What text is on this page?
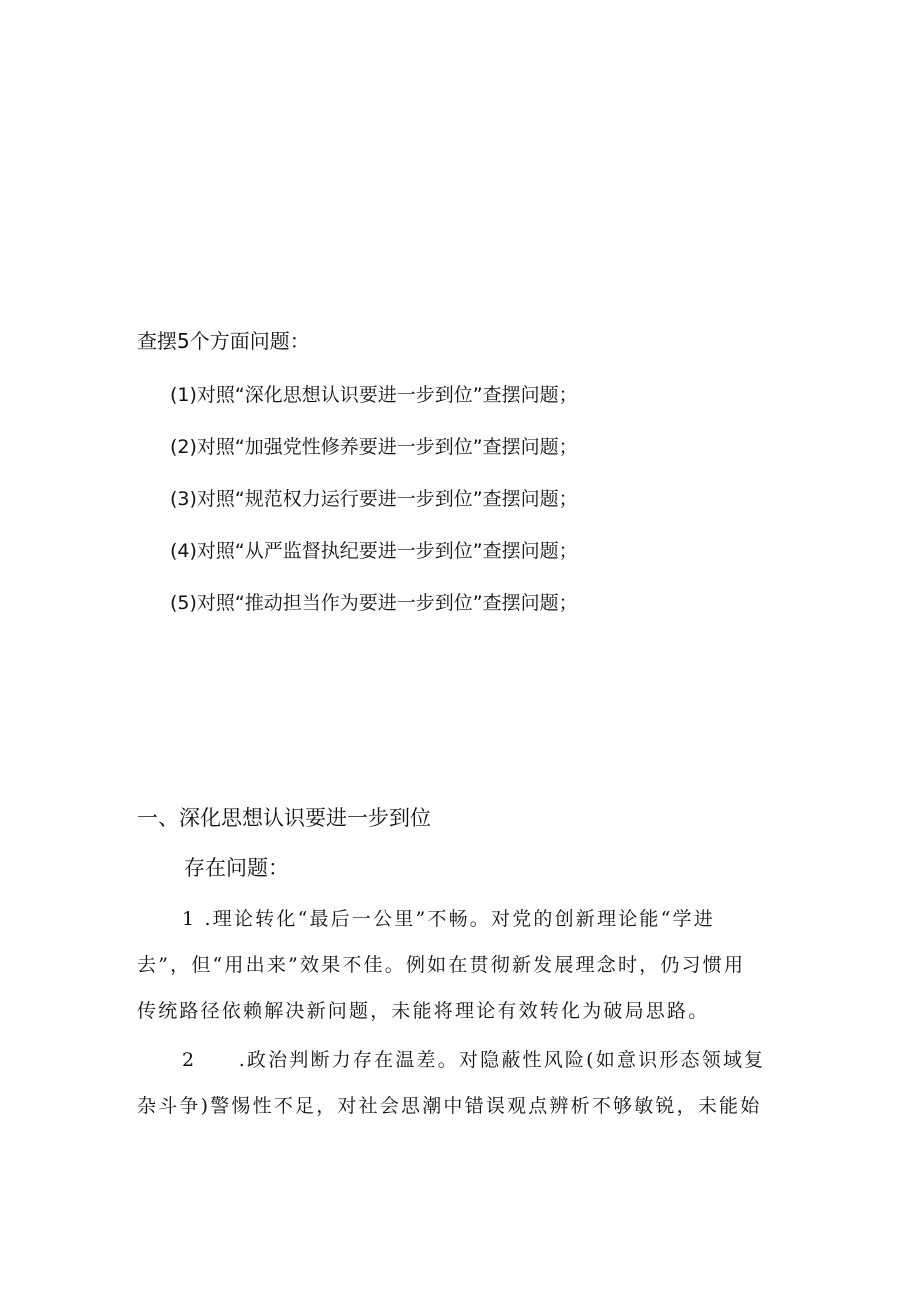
查摆5个方面问题：
(1)对照“深化思想认识要进一步到位”查摆问题；
(2)对照“加强党性修养要进一步到位”查摆问题；
(3)对照“规范权力运行要进一步到位”查摆问题；
(4)对照“从严监督执纪要进一步到位”查摆问题；
(5)对照“推动担当作为要进一步到位”查摆问题；
一、深化思想认识要进一步到位
存在问题：
1 .理论转化“最后一公里”不畅。对党的创新理论能“学进
去”，但“用出来”效果不佳。例如在贯彻新发展理念时，仍习惯用
传统路径依赖解决新问题，未能将理论有效转化为破局思路。
2　　.政治判断力存在温差。对隐蔽性风险(如意识形态领域复
杂斗争)警惕性不足，对社会思潮中错误观点辨析不够敏锐，未能始
